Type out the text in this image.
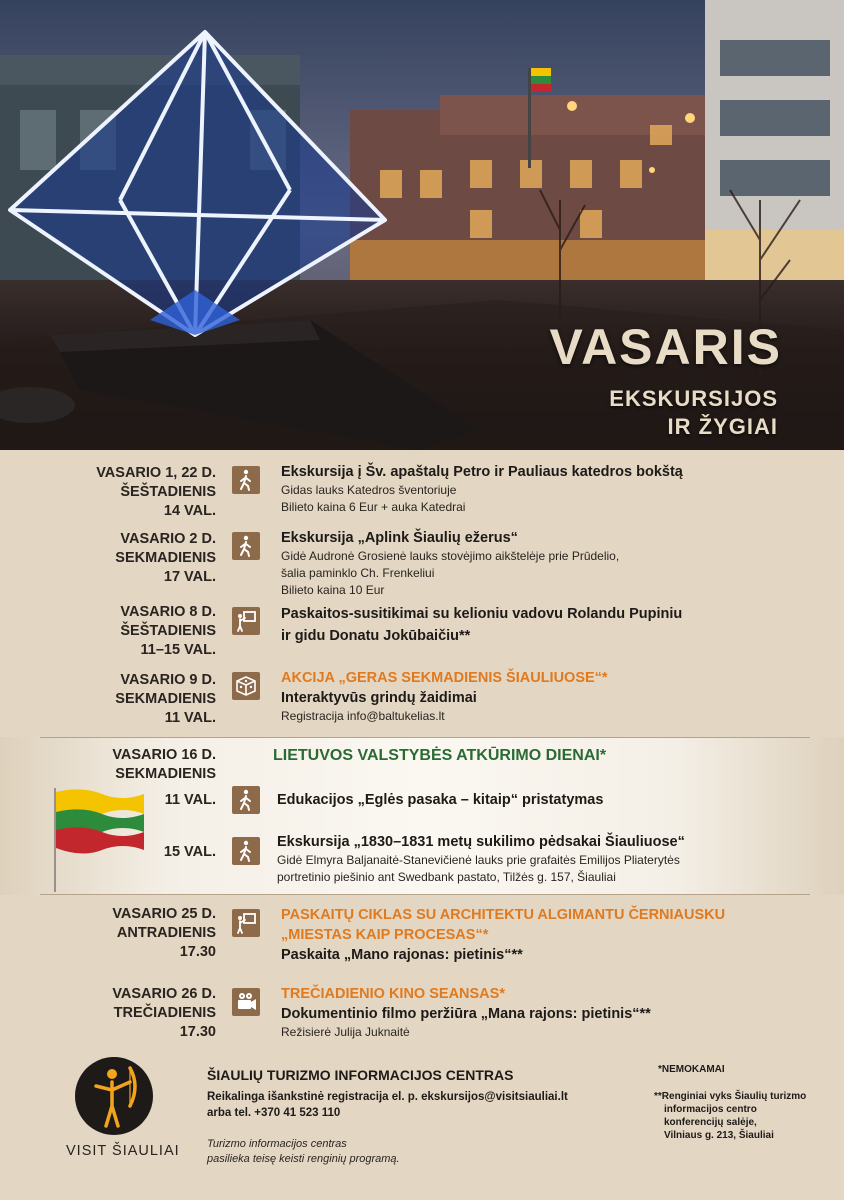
VASARIS
EKSKURSIJOS
IR ŽYGIAI
VASARIO 1, 22 D.
ŠEŠTADIENIS
14 VAL.
Ekskursija į Šv. apaštalų Petro ir Pauliaus katedros bokštą
Gidas lauks Katedros šventoriuje
Bilieto kaina 6 Eur + auka Katedrai
VASARIO 2 D.
SEKMADIENIS
17 VAL.
Ekskursija „Aplink Šiaulių ežerus“
Gidė Audronė Grosienė lauks stovėjimo aikštelėje prie Prūdelio,
šalia paminklo Ch. Frenkeliui
Bilieto kaina 10 Eur
VASARIO 8 D.
ŠEŠTADIENIS
11–15 VAL.
Paskaitos-susitikimai su kelioniu vadovu Rolandu Pupiniu
ir gidu Donatu Jokūbaičiu**
VASARIO 9 D.
SEKMADIENIS
11 VAL.
AKCIJA „GERAS SEKMADIENIS ŠIAULIUOSE“*
Interaktyvūs grindų žaidimai
Registracija info@baltukelias.lt
VASARIO 16 D.
SEKMADIENIS
LIETUVOS VALSTYBĖS ATKŪRIMO DIENAI*
11 VAL.	Edukacijos „Eglės pasaka – kitaip“ pristatymas
15 VAL.
Ekskursija „1830–1831 metų sukilimo pėdsakai Šiauliuose“
Gidė Elmyra Baljanaitė-Stanevičienė lauks prie grafaitės Emilijos Pliaterytės
portretinio piešinio ant Swedbank pastato, Tilžės g. 157, Šiauliai
VASARIO 25 D.
ANTRADIENIS
17.30
PASKAITŲ CIKLAS SU ARCHITEKTU ALGIMANTU ČERNIAUSKU
„MIESTAS KAIP PROCESAS“*
Paskaita „Mano rajonas: pietinis“**
VASARIO 26 D.
TREČIADIENIS
17.30
TREČIADIENIO KINO SEANSAS*
Dokumentinio filmo peržiūra „Mana rajons: pietinis“**
Režisierė Julija Juknaitė
VISIT ŠIAULIAI
ŠIAULIŲ TURIZMO INFORMACIJOS CENTRAS
Reikalinga išankstinė registracija el. p. ekskursijos@visitsiauliai.lt
arba tel. +370 41 523 110
Turizmo informacijos centras
pasilieka teisę keisti renginių programą.
*NEMOKAMAI
**Renginiai vyks Šiaulių turizmo
informacijos centro
konferencijų salėje,
Vilniaus g. 213, Šiauliai
